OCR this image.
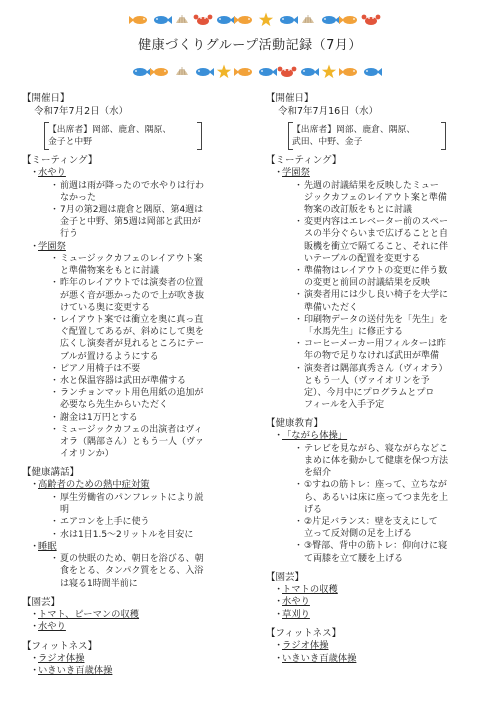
健康づくりグループ活動記録（7月）
【開催日】
令和7年7月2日（水）
【出席者】岡部、鹿倉、隅原、
金子と中野
【ミーティング】
・
水やり
・ 前週は雨が降ったので水やりは行わ
なかった
・ 7月の第2週は鹿倉と隅原、第4週は
金子と中野、第5週は岡部と武田が
行う
・
学園祭
・ ミュージックカフェのレイアウト案
と準備物案をもとに討議
・ 昨年のレイアウトでは演奏者の位置
が悪く音が悪かったので上が吹き抜
けている奥に変更する
・ レイアウト案では衝立を奥に真っ直
ぐ配置してあるが、斜めにして奥を
広くし演奏者が見れるところにテー
ブルが置けるようにする
・ ピアノ用椅子は不要
・ 水と保温容器は武田が準備する
・ ランチョンマット用色用紙の追加が
必要なら先生からいただく
・ 謝金は1万円とする
・ ミュージックカフェの出演者はヴィ
オラ（隅部さん）ともう一人（ヴァ
イオリンか）
【健康講話】
・
高齢者のための熱中症対策
・ 厚生労働省のパンフレットにより説
明
・ エアコンを上手に使う
・ 水は1日1.5～2リットルを目安に
・
睡眠
・ 夏の快眠のため、朝日を浴びる、朝
食をとる、タンパク質をとる、入浴
は寝る1時間半前に
【園芸】
・
トマト、ピーマンの収穫
・
水やり
【フィットネス】
・
ラジオ体操
・
いきいき百歳体操
【開催日】
令和7年7月16日（水）
【出席者】岡部、鹿倉、隅原、
武田、中野、金子
【ミーティング】
・
学園祭
・ 先週の討議結果を反映したミュー
ジックカフェのレイアウト案と準備
物案の改訂版をもとに討議
・ 変更内容はエレベーター前のスペー
スの半分ぐらいまで広げることと自
販機を衝立で隔てること、それに伴
いテーブルの配置を変更する
・ 準備物はレイアウトの変更に伴う数
の変更と前回の討議結果を反映
・ 演奏者用には少し良い椅子を大学に
準備いただく
・ 印刷物データの送付先を「先生」を
「水馬先生」に修正する
・ コーヒーメーカー用フィルターは昨
年の物で足りなければ武田が準備
・ 演奏者は隅部真秀さん（ヴィオラ）
ともう一人（ヴァイオリンを予
定）、今月中にプログラムとプロ
フィールを入手予定
【健康教育】
・
「ながら体操」
・ テレビを見ながら、寝ながらなどこ
まめに体を動かして健康を保つ方法
を紹介
・ ①すねの筋トレ：座って、立ちなが
ら、あるいは床に座ってつま先を上
げる
・ ②片足バランス：壁を支えにして
立って反対側の足を上げる
・ ③臀部、背中の筋トレ：仰向けに寝
て両膝を立て腰を上げる
【園芸】
・
トマトの収穫
・
水やり
・
草刈り
【フィットネス】
・
ラジオ体操
・
いきいき百歳体操
